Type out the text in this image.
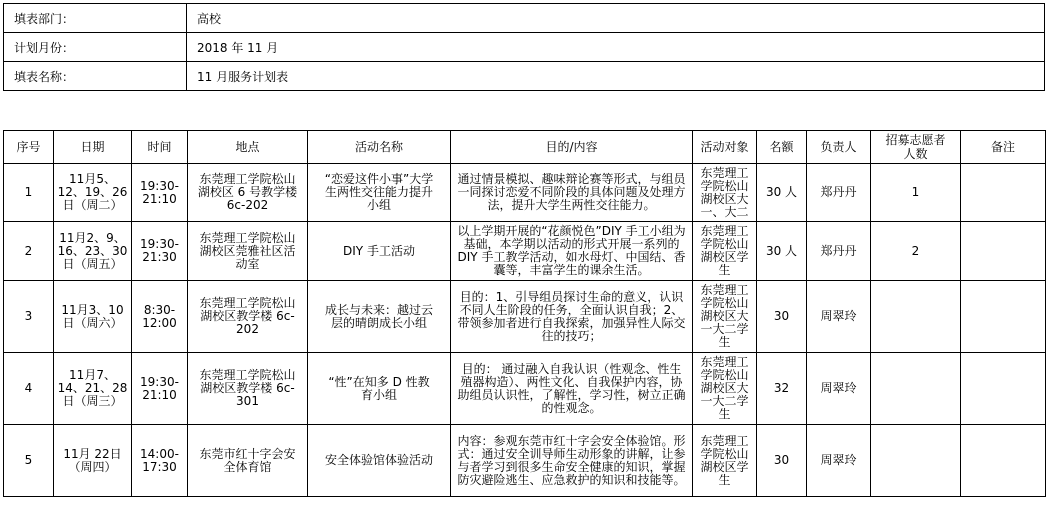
填表部门：	高校
计划月份：	2018 年 11 月
填表名称：	11 月服务计划表
序号	日期	时间	地点	活动名称	目的/内容	活动对象	名额	负责人	招募志愿者人数	备注
1	11月5、12、19、26日（周二）	19:30-21:10	东莞理工学院松山湖校区 6 号教学楼 6c-202	“恋爱这件小事”大学生两性交往能力提升小组	通过情景模拟、趣味辩论赛等形式，与组员一同探讨恋爱不同阶段的具体问题及处理方法，提升大学生两性交往能力。	东莞理工学院松山湖校区大一、大二	30 人	郑丹丹	1	
2	11月2、9、16、23、30日（周五）	19:30-21:30	东莞理工学院松山湖校区莞雅社区活动室	DIY 手工活动	以上学期开展的“花颜悦色”DIY 手工小组为基础，本学期以活动的形式开展一系列的DIY 手工教学活动，如水母灯、中国结、香囊等，丰富学生的课余生活。	东莞理工学院松山湖校区学生	30 人	郑丹丹	2	
3	11月3、10日（周六）	8:30-12:00	东莞理工学院松山湖校区教学楼 6c-202	成长与未来：越过云层的晴朗成长小组	目的：1、引导组员探讨生命的意义，认识不同人生阶段的任务，全面认识自我；2、带领参加者进行自我探索，加强异性人际交往的技巧；	东莞理工学院松山湖校区大一大二学生	30	周翠玲		
4	11月7、14、21、28日（周三）	19:30-21:10	东莞理工学院松山湖校区教学楼 6c-301	“性”在知多 D 性教育小组	目的： 通过融入自我认识（性观念、性生殖器构造）、两性文化、自我保护内容，协助组员认识性，了解性，学习性，树立正确的性观念。	东莞理工学院松山湖校区大一大二学生	32	周翠玲		
5	11月 22日（周四）	14:00-17:30	东莞市红十字会安全体育馆	安全体验馆体验活动	内容：参观东莞市红十字会安全体验馆。形式：通过安全训导师生动形象的讲解，让参与者学习到很多生命安全健康的知识，掌握防灾避险逃生、应急救护的知识和技能等。	东莞理工学院松山湖校区学生	30	周翠玲		
